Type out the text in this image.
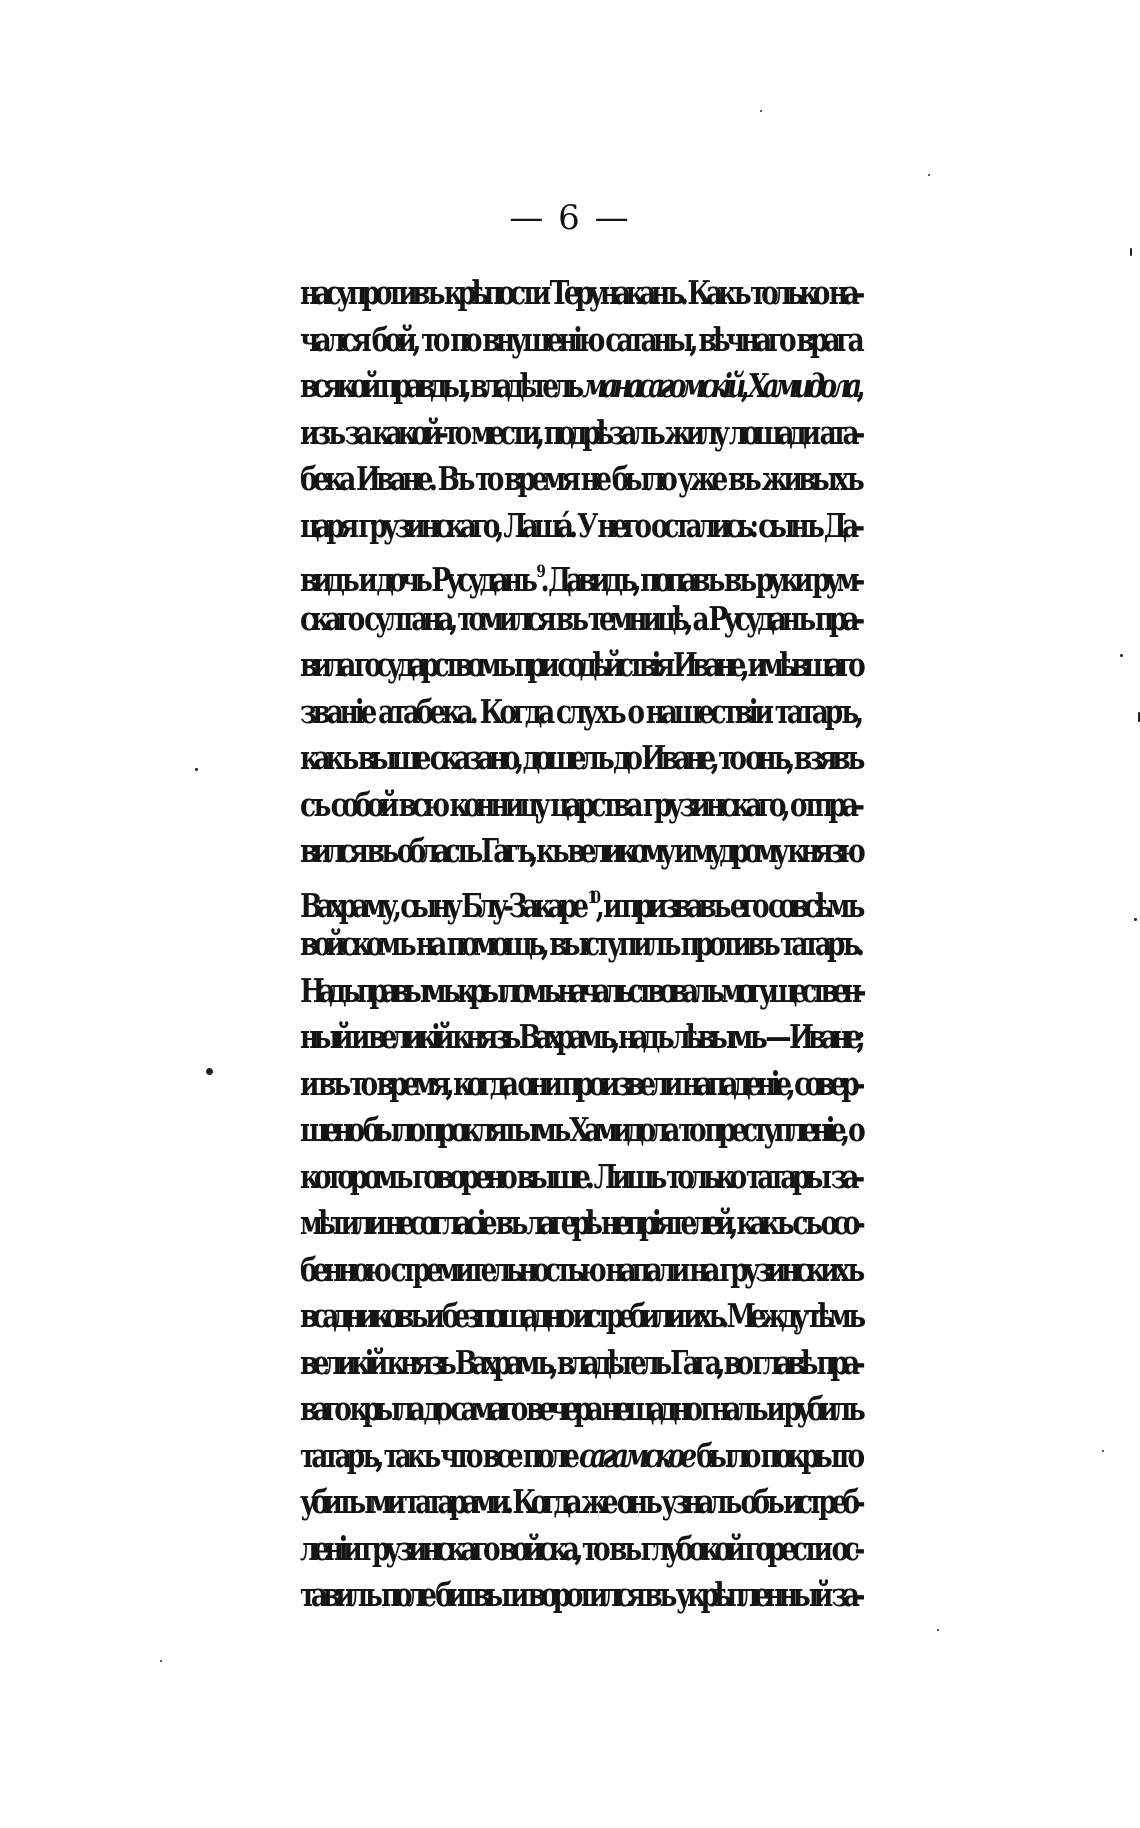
— 6 —
насупротивъ крѣпости Терунаканъ. Какъ только на-
чался бой, то по внушенію сатаны, вѣчнаго врага
всякой правды, владѣтель манасагомскій, Хамидола,
изъ за какой-то мести, подрѣзалъ жилу лошади ата-
бека Иване. Въ то время не было уже въ живыхъ
царя грузинскаго, Лашá. У него остались: сынъ Да-
видъ и дочь Русуданъ $^9$. Давидъ, попавъ въ руки рум-
скаго султана, томился въ темницѣ, а Русуданъ пра-
вила государствомъ при содѣйствія Иване, имѣвшаго
званіе атабека. Когда слухъ о нашествіи татаръ,
какъ выше сказано, дошелъ до Иване, то онъ, взявъ
съ собой всю конницу царства грузинскаго, отпра-
вился въ область Гагъ, къ великому и мудрому князю
Вахраму, сыну Блу-Закаре $^{10}$, и призвавъ его совсѣмъ
войскомъ на помощь, выступилъ противъ татаръ.
Надъ правымъ крыломъ начальствовалъ могуществен-
ный и великій князь Вахрамъ, надъ лѣвымъ — Иване;
и въ то время, когда они произвели нападеніе, совер-
шено было проклятымъ Хамидола то преступленіе, о
которомъ говорено выше. Лишь только татары за-
мѣтили несогласіе въ лагерѣ непріятелей, какъ съ осо-
бенною стремительностью напали на грузинскихъ
всадниковъ и безпощадно истребили ихъ. Между тѣмъ
великій князь Вахрамъ, владѣтель Гага, во главѣ пра-
ваго крыла до самаго вечера нещадно гналъ и рубилъ
татаръ, такъ что все поле сагамское было покрыто
убитыми татарами. Когда же онъ узналъ объ истреб-
леніи грузинскаго войска, то въ глубокой горести ос-
тавилъ поле битвы и воротился въ укрѣпленный за-
